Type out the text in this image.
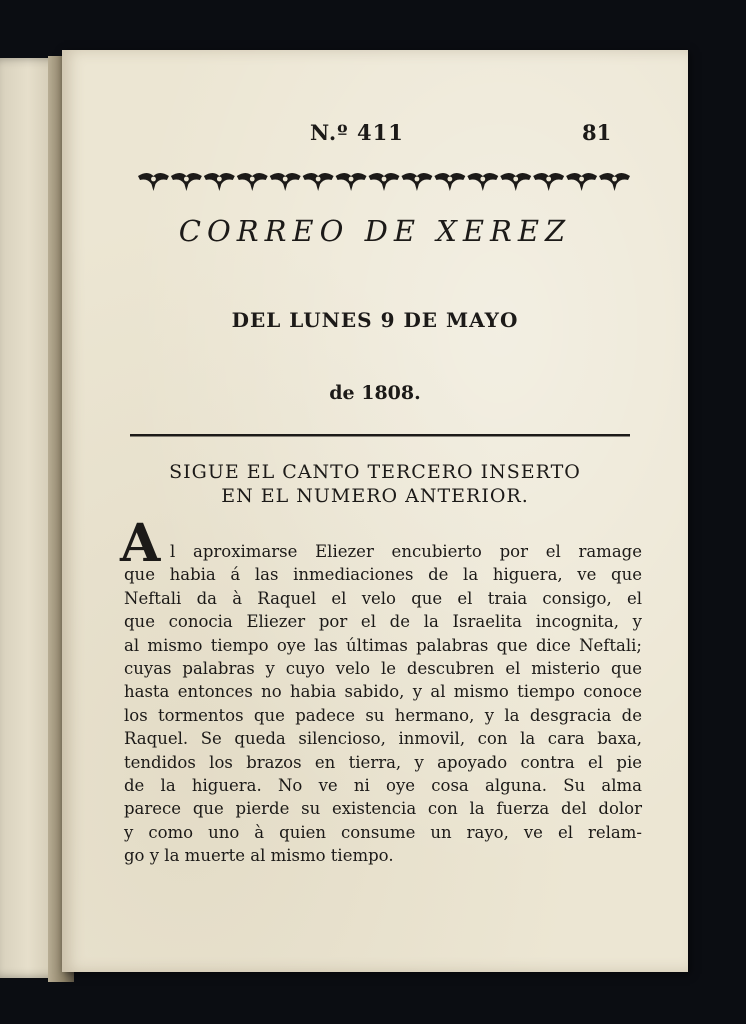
N.º 411	81
CORREO DE XEREZ
DEL LUNES 9 DE MAYO
de 1808.
SIGUE EL CANTO TERCERO INSERTO
EN EL NUMERO ANTERIOR.
A l aproximarse Eliezer encubierto por el ramage
que habia á las inmediaciones de la higuera, ve que
Neftali da à Raquel el velo que el traia consigo, el
que conocia Eliezer por el de la Israelita incognita, y
al mismo tiempo oye las últimas palabras que dice Neftali;
cuyas palabras y cuyo velo le descubren el misterio que
hasta entonces no habia sabido, y al mismo tiempo conoce
los tormentos que padece su hermano, y la desgracia de
Raquel. Se queda silencioso, inmovil, con la cara baxa,
tendidos los brazos en tierra, y apoyado contra el pie
de la higuera. No ve ni oye cosa alguna. Su alma
parece que pierde su existencia con la fuerza del dolor
y como uno à quien consume un rayo, ve el relam-
go y la muerte al mismo tiempo.
